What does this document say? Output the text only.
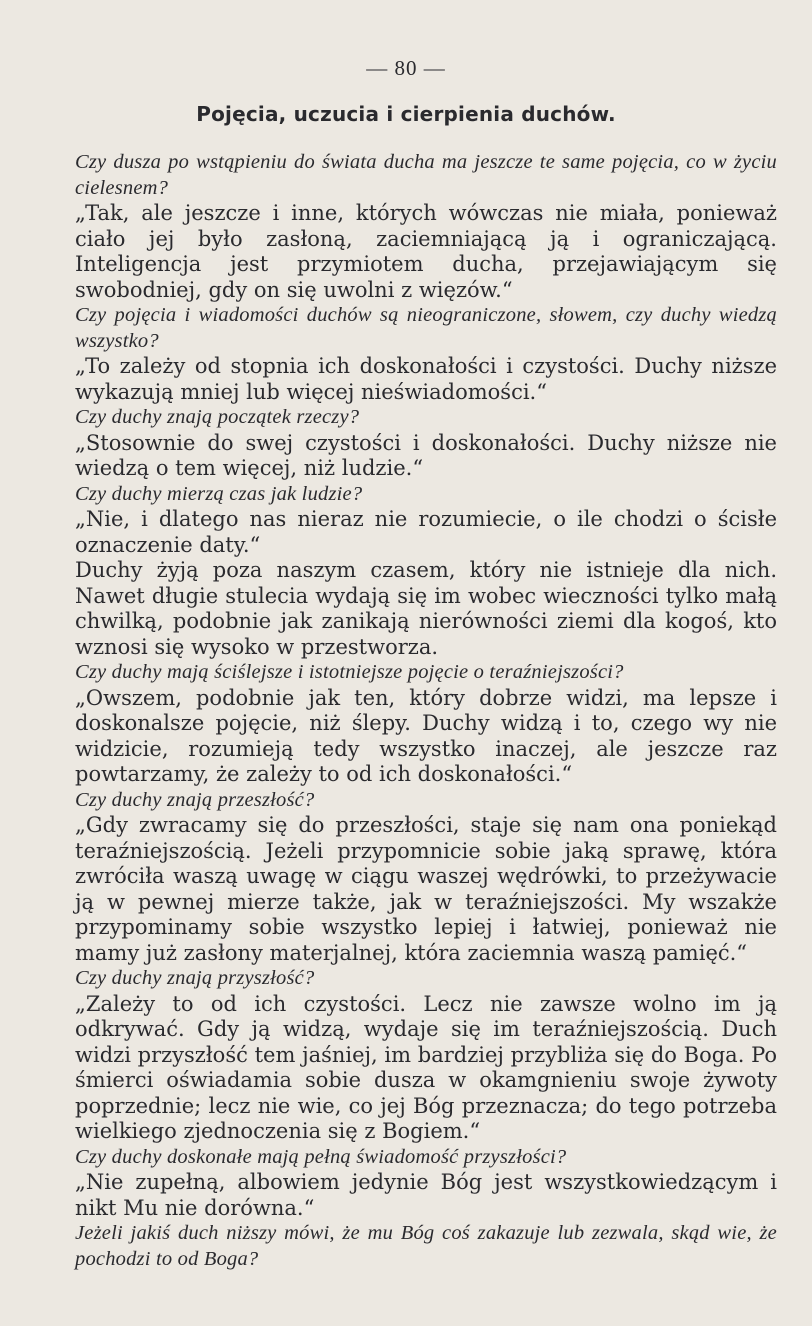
— 80 —
Pojęcia, uczucia i cierpienia duchów.

Czy dusza po wstąpieniu do świata ducha ma jeszcze te same pojęcia, co w życiu cielesnem?

„Tak, ale jeszcze i inne, których wówczas nie miała, ponieważ ciało jej było zasłoną, zaciemniającą ją i ograniczającą. Inteligencja jest przymiotem ducha, przejawiającym się swobodniej, gdy on się uwolni z więzów.“

Czy pojęcia i wiadomości duchów są nieograniczone, słowem, czy duchy wiedzą wszystko?

„To zależy od stopnia ich doskonałości i czystości. Duchy niższe wykazują mniej lub więcej nieświadomości.“

Czy duchy znają początek rzeczy?

„Stosownie do swej czystości i doskonałości. Duchy niższe nie wiedzą o tem więcej, niż ludzie.“

Czy duchy mierzą czas jak ludzie?

„Nie, i dlatego nas nieraz nie rozumiecie, o ile chodzi o ścisłe oznaczenie daty.“

Duchy żyją poza naszym czasem, który nie istnieje dla nich. Nawet długie stulecia wydają się im wobec wieczności tylko małą chwilką, podobnie jak zanikają nierówności ziemi dla kogoś, kto wznosi się wysoko w przestworza.

Czy duchy mają ściślejsze i istotniejsze pojęcie o teraźniejszości?

„Owszem, podobnie jak ten, który dobrze widzi, ma lepsze i doskonalsze pojęcie, niż ślepy. Duchy widzą i to, czego wy nie widzicie, rozumieją tedy wszystko inaczej, ale jeszcze raz powtarzamy, że zależy to od ich doskonałości.“

Czy duchy znają przeszłość?

„Gdy zwracamy się do przeszłości, staje się nam ona poniekąd teraźniejszością. Jeżeli przypomnicie sobie jaką sprawę, która zwróciła waszą uwagę w ciągu waszej wędrówki, to przeżywacie ją w pewnej mierze także, jak w teraźniejszości. My wszakże przypominamy sobie wszystko lepiej i łatwiej, ponieważ nie mamy już zasłony materjalnej, która zaciemnia waszą pamięć.“

Czy duchy znają przyszłość?

„Zależy to od ich czystości. Lecz nie zawsze wolno im ją odkrywać. Gdy ją widzą, wydaje się im teraźniejszością. Duch widzi przyszłość tem jaśniej, im bardziej przybliża się do Boga. Po śmierci oświadamia sobie dusza w okamgnieniu swoje żywoty poprzednie; lecz nie wie, co jej Bóg przeznacza; do tego potrzeba wielkiego zjednoczenia się z Bogiem.“

Czy duchy doskonałe mają pełną świadomość przyszłości?

„Nie zupełną, albowiem jedynie Bóg jest wszystkowiedzącym i nikt Mu nie dorówna.“

Jeżeli jakiś duch niższy mówi, że mu Bóg coś zakazuje lub zezwala, skąd wie, że pochodzi to od Boga?
